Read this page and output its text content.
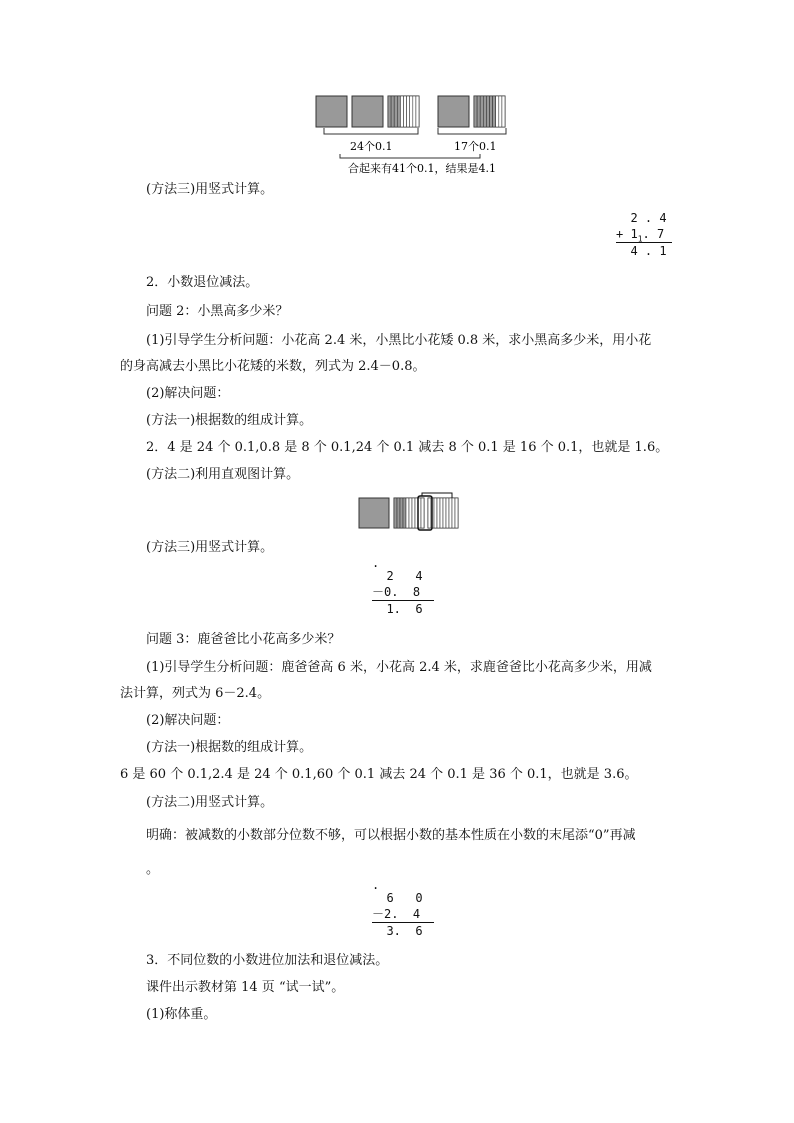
24个0.1	17个0.1
合起来有41个0.1，结果是4.1
(方法三)用竖式计算。
2 . 4
+ $1_1$. 7
4 . 1
2．小数退位减法。
问题 2：小黑高多少米？
(1)引导学生分析问题：小花高 2.4 米，小黑比小花矮 0.8 米，求小黑高多少米，用小花
的身高减去小黑比小花矮的米数，列式为 2.4－0.8。
(2)解决问题：
(方法一)根据数的组成计算。
2．4 是 24 个 0.1,0.8 是 8 个 0.1,24 个 0.1 减去 8 个 0.1 是 16 个 0.1，也就是 1.6。
(方法二)利用直观图计算。
(方法三)用竖式计算。
.
2   4
－0.  8
1.  6
问题 3：鹿爸爸比小花高多少米？
(1)引导学生分析问题：鹿爸爸高 6 米，小花高 2.4 米，求鹿爸爸比小花高多少米，用减
法计算，列式为 6－2.4。
(2)解决问题：
(方法一)根据数的组成计算。
6 是 60 个 0.1,2.4 是 24 个 0.1,60 个 0.1 减去 24 个 0.1 是 36 个 0.1，也就是 3.6。
(方法二)用竖式计算。
明确：被减数的小数部分位数不够，可以根据小数的基本性质在小数的末尾添“0”再减
。
.
6   0
－2.  4
3.  6
3．不同位数的小数进位加法和退位减法。
课件出示教材第 14 页 “试一试”。
(1)称体重。
